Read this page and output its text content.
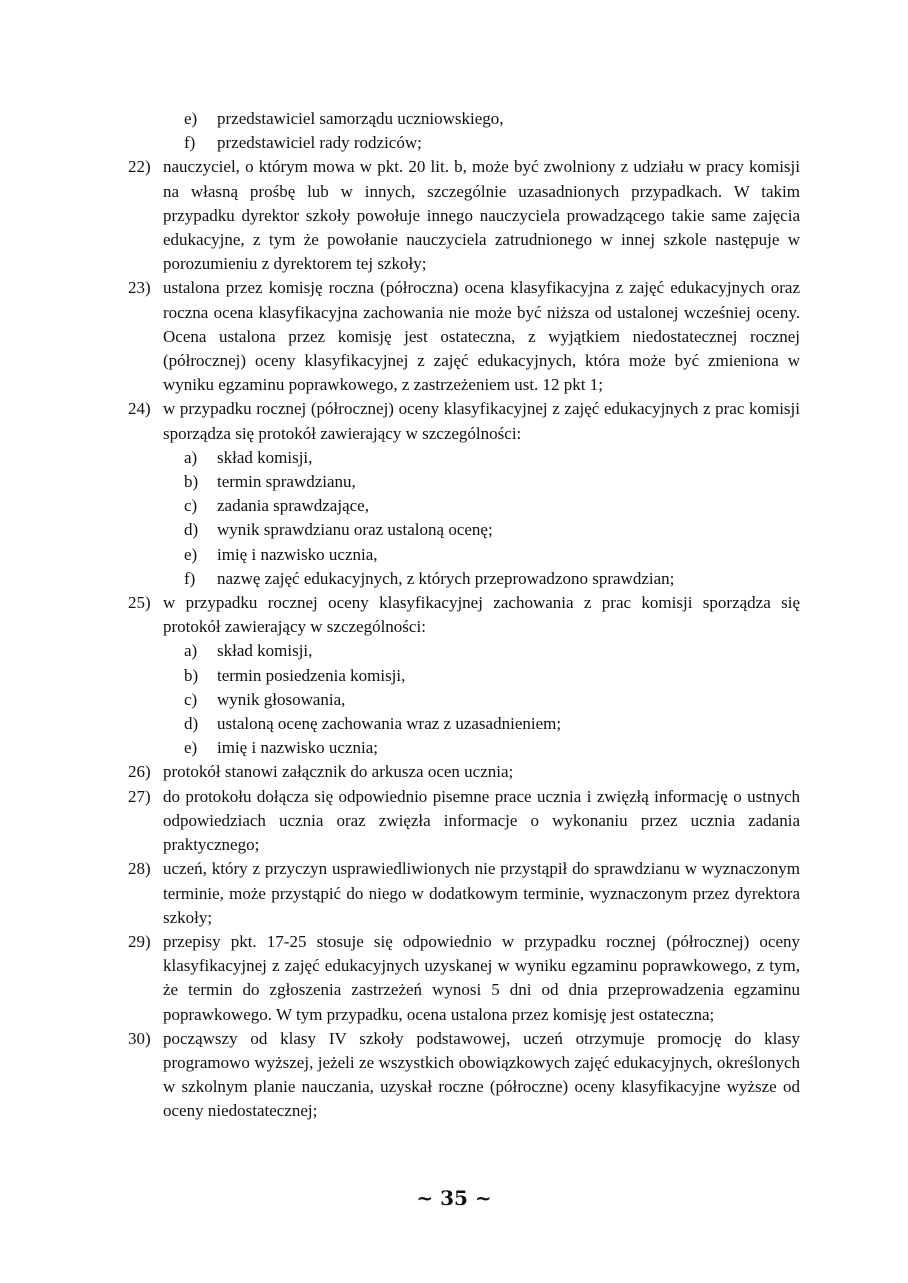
e) przedstawiciel samorządu uczniowskiego,
f) przedstawiciel rady rodziców;
22) nauczyciel, o którym mowa w pkt. 20 lit. b, może być zwolniony z udziału w pracy komisji na własną prośbę lub w innych, szczególnie uzasadnionych przypadkach. W takim przypadku dyrektor szkoły powołuje innego nauczyciela prowadzącego takie same zajęcia edukacyjne, z tym że powołanie nauczyciela zatrudnionego w innej szkole następuje w porozumieniu z dyrektorem tej szkoły;
23) ustalona przez komisję roczna (półroczna) ocena klasyfikacyjna z zajęć edukacyjnych oraz roczna ocena klasyfikacyjna zachowania nie może być niższa od ustalonej wcześniej oceny. Ocena ustalona przez komisję jest ostateczna, z wyjątkiem niedostatecznej rocznej (półrocznej) oceny klasyfikacyjnej z zajęć edukacyjnych, która może być zmieniona w wyniku egzaminu poprawkowego, z zastrzeżeniem ust. 12 pkt 1;
24) w przypadku rocznej (półrocznej) oceny klasyfikacyjnej z zajęć edukacyjnych z prac komisji sporządza się protokół zawierający w szczególności:
a) skład komisji,
b) termin sprawdzianu,
c) zadania sprawdzające,
d) wynik sprawdzianu oraz ustaloną ocenę;
e) imię i nazwisko ucznia,
f) nazwę zajęć edukacyjnych, z których przeprowadzono sprawdzian;
25) w przypadku rocznej oceny klasyfikacyjnej zachowania z prac komisji sporządza się protokół zawierający w szczególności:
a) skład komisji,
b) termin posiedzenia komisji,
c) wynik głosowania,
d) ustaloną ocenę zachowania wraz z uzasadnieniem;
e) imię i nazwisko ucznia;
26) protokół stanowi załącznik do arkusza ocen ucznia;
27) do protokołu dołącza się odpowiednio pisemne prace ucznia i zwięzłą informację o ustnych odpowiedziach ucznia oraz zwięzła informacje o wykonaniu przez ucznia zadania praktycznego;
28) uczeń, który z przyczyn usprawiedliwionych nie przystąpił do sprawdzianu w wyznaczonym terminie, może przystąpić do niego w dodatkowym terminie, wyznaczonym przez dyrektora szkoły;
29) przepisy pkt. 17-25 stosuje się odpowiednio w przypadku rocznej (półrocznej) oceny klasyfikacyjnej z zajęć edukacyjnych uzyskanej w wyniku egzaminu poprawkowego, z tym, że termin do zgłoszenia zastrzeżeń wynosi 5 dni od dnia przeprowadzenia egzaminu poprawkowego. W tym przypadku, ocena ustalona przez komisję jest ostateczna;
30) począwszy od klasy IV szkoły podstawowej, uczeń otrzymuje promocję do klasy programowo wyższej, jeżeli ze wszystkich obowiązkowych zajęć edukacyjnych, określonych w szkolnym planie nauczania, uzyskał roczne (półroczne) oceny klasyfikacyjne wyższe od oceny niedostatecznej;
~ 35 ~
